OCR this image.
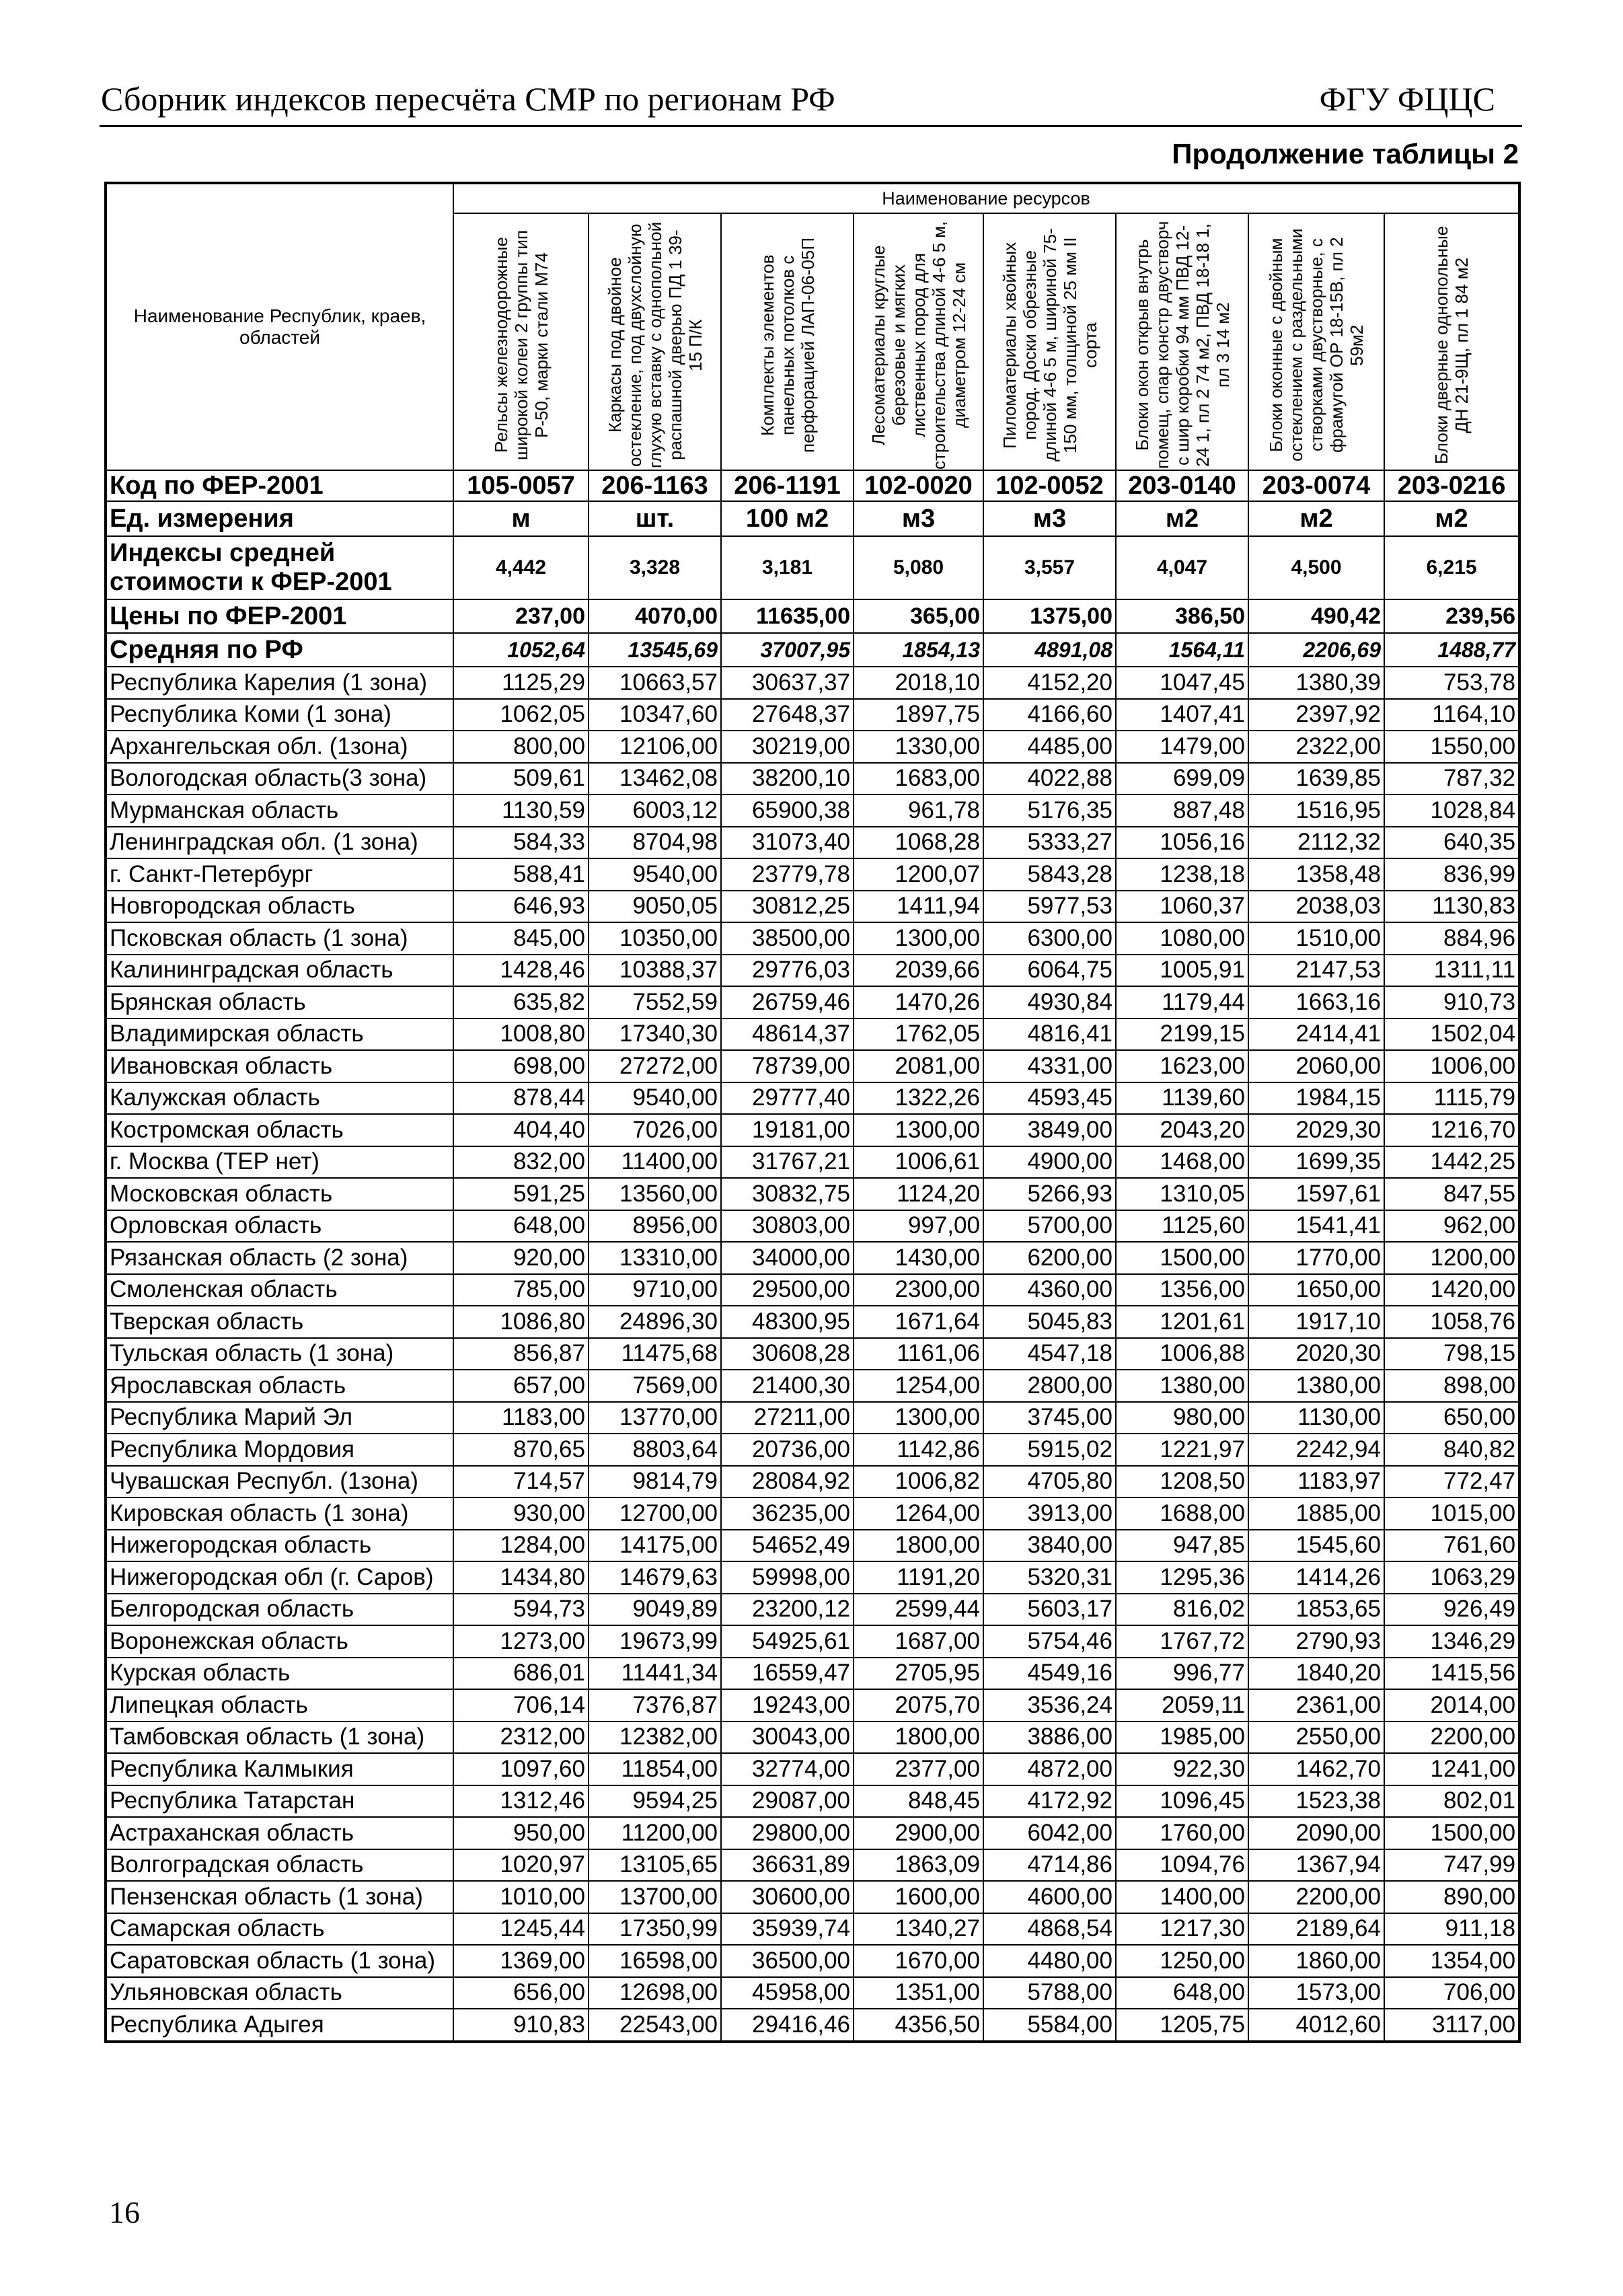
Сборник индексов пересчёта СМР по регионам РФ	ФГУ ФЦЦС
Продолжение таблицы 2
Наименование Республик, краев, областей	Наименование ресурсов							

	Рельсы железнодорожные широкой колеи 2 группы тип Р-50, марки стали М74	Каркасы под двойное остекление, под двухслойную глухую вставку с однопольной распашной дверью ПД 1 39-15 П/К	Комплекты элементов панельных потолков с перфорацией ЛАП-06-05П	Лесоматериалы круглые березовые и мягких лиственных пород для строительства длиной 4-6 5 м, диаметром 12-24 см	Пиломатериалы хвойных пород. Доски обрезные длиной 4-6 5 м, шириной 75-150 мм, толщиной 25 мм II сорта	Блоки окон открыв внутрь помещ, спар констр двустворч с шир коробки 94 мм ПВД 12-24 1, пл 2 74 м2, ПВД 18-18 1, пл 3 14 м2	Блоки оконные с двойным остеклением с раздельными створками двустворные, с фрамугой ОР 18-15В, пл 2 59м2	Блоки дверные однопольные ДН 21-9Щ, пл 1 84 м2

Код по ФЕР-2001	105-0057	206-1163	206-1191	102-0020	102-0052	203-0140	203-0074	203-0216
Ед. измерения	м	шт.	100 м2	м3	м3	м2	м2	м2
Индексы средней стоимости к ФЕР-2001	4,442	3,328	3,181	5,080	3,557	4,047	4,500	6,215
Цены по ФЕР-2001	237,00	4070,00	11635,00	365,00	1375,00	386,50	490,42	239,56
Средняя по РФ	1052,64	13545,69	37007,95	1854,13	4891,08	1564,11	2206,69	1488,77
Республика Карелия (1 зона)	1125,29	10663,57	30637,37	2018,10	4152,20	1047,45	1380,39	753,78
Республика Коми (1 зона)	1062,05	10347,60	27648,37	1897,75	4166,60	1407,41	2397,92	1164,10
Архангельская обл. (1зона)	800,00	12106,00	30219,00	1330,00	4485,00	1479,00	2322,00	1550,00
Вологодская область(3 зона)	509,61	13462,08	38200,10	1683,00	4022,88	699,09	1639,85	787,32
Мурманская область	1130,59	6003,12	65900,38	961,78	5176,35	887,48	1516,95	1028,84
Ленинградская обл. (1 зона)	584,33	8704,98	31073,40	1068,28	5333,27	1056,16	2112,32	640,35
г. Санкт-Петербург	588,41	9540,00	23779,78	1200,07	5843,28	1238,18	1358,48	836,99
Новгородская область	646,93	9050,05	30812,25	1411,94	5977,53	1060,37	2038,03	1130,83
Псковская область (1 зона)	845,00	10350,00	38500,00	1300,00	6300,00	1080,00	1510,00	884,96
Калининградская область	1428,46	10388,37	29776,03	2039,66	6064,75	1005,91	2147,53	1311,11
Брянская область	635,82	7552,59	26759,46	1470,26	4930,84	1179,44	1663,16	910,73
Владимирская область	1008,80	17340,30	48614,37	1762,05	4816,41	2199,15	2414,41	1502,04
Ивановская область	698,00	27272,00	78739,00	2081,00	4331,00	1623,00	2060,00	1006,00
Калужская область	878,44	9540,00	29777,40	1322,26	4593,45	1139,60	1984,15	1115,79
Костромская область	404,40	7026,00	19181,00	1300,00	3849,00	2043,20	2029,30	1216,70
г. Москва (ТЕР нет)	832,00	11400,00	31767,21	1006,61	4900,00	1468,00	1699,35	1442,25
Московская область	591,25	13560,00	30832,75	1124,20	5266,93	1310,05	1597,61	847,55
Орловская область	648,00	8956,00	30803,00	997,00	5700,00	1125,60	1541,41	962,00
Рязанская область (2 зона)	920,00	13310,00	34000,00	1430,00	6200,00	1500,00	1770,00	1200,00
Смоленская область	785,00	9710,00	29500,00	2300,00	4360,00	1356,00	1650,00	1420,00
Тверская область	1086,80	24896,30	48300,95	1671,64	5045,83	1201,61	1917,10	1058,76
Тульская область (1 зона)	856,87	11475,68	30608,28	1161,06	4547,18	1006,88	2020,30	798,15
Ярославская область	657,00	7569,00	21400,30	1254,00	2800,00	1380,00	1380,00	898,00
Республика Марий Эл	1183,00	13770,00	27211,00	1300,00	3745,00	980,00	1130,00	650,00
Республика Мордовия	870,65	8803,64	20736,00	1142,86	5915,02	1221,97	2242,94	840,82
Чувашская Республ. (1зона)	714,57	9814,79	28084,92	1006,82	4705,80	1208,50	1183,97	772,47
Кировская область (1 зона)	930,00	12700,00	36235,00	1264,00	3913,00	1688,00	1885,00	1015,00
Нижегородская область	1284,00	14175,00	54652,49	1800,00	3840,00	947,85	1545,60	761,60
Нижегородская обл (г. Саров)	1434,80	14679,63	59998,00	1191,20	5320,31	1295,36	1414,26	1063,29
Белгородская область	594,73	9049,89	23200,12	2599,44	5603,17	816,02	1853,65	926,49
Воронежская область	1273,00	19673,99	54925,61	1687,00	5754,46	1767,72	2790,93	1346,29
Курская область	686,01	11441,34	16559,47	2705,95	4549,16	996,77	1840,20	1415,56
Липецкая область	706,14	7376,87	19243,00	2075,70	3536,24	2059,11	2361,00	2014,00
Тамбовская область (1 зона)	2312,00	12382,00	30043,00	1800,00	3886,00	1985,00	2550,00	2200,00
Республика Калмыкия	1097,60	11854,00	32774,00	2377,00	4872,00	922,30	1462,70	1241,00
Республика Татарстан	1312,46	9594,25	29087,00	848,45	4172,92	1096,45	1523,38	802,01
Астраханская область	950,00	11200,00	29800,00	2900,00	6042,00	1760,00	2090,00	1500,00
Волгоградская область	1020,97	13105,65	36631,89	1863,09	4714,86	1094,76	1367,94	747,99
Пензенская область (1 зона)	1010,00	13700,00	30600,00	1600,00	4600,00	1400,00	2200,00	890,00
Самарская область	1245,44	17350,99	35939,74	1340,27	4868,54	1217,30	2189,64	911,18
Саратовская область (1 зона)	1369,00	16598,00	36500,00	1670,00	4480,00	1250,00	1860,00	1354,00
Ульяновская область	656,00	12698,00	45958,00	1351,00	5788,00	648,00	1573,00	706,00
Республика Адыгея	910,83	22543,00	29416,46	4356,50	5584,00	1205,75	4012,60	3117,00
16
